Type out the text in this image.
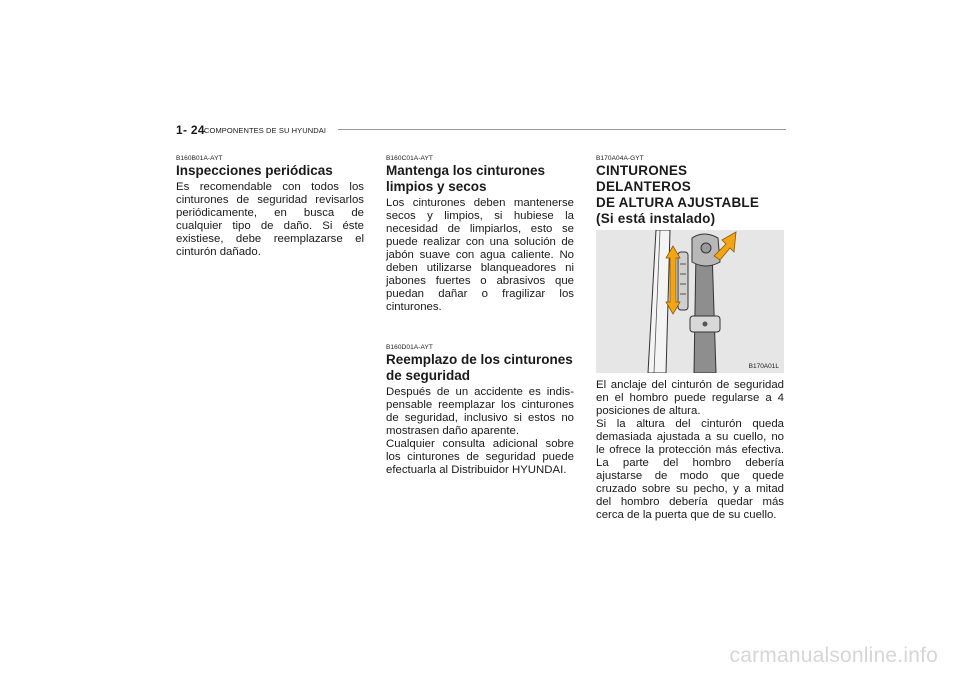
1- 24 COMPONENTES DE SU HYUNDAI

B160B01A-AYT

Inspecciones periódicas

Es recomendable con todos los cinturones de seguridad revisarlos periódicamente, en busca de cualquier tipo de daño. Si éste existiese, debe reemplazarse el cinturón dañado.

B160C01A-AYT

Mantenga los cinturones limpios y secos

Los cinturones deben mantenerse secos y limpios, si hubiese la necesidad de limpiarlos, esto se puede realizar con una solución de jabón suave con agua caliente. No deben utilizarse blanqueadores ni jabones fuertes o abrasivos que puedan dañar o fragilizar los cinturones.

B160D01A-AYT

Reemplazo de los cinturones de seguridad

Después de un accidente es indis- pensable reemplazar los cinturones de seguridad, inclusivo si estos no mostrasen daño aparente.

Cualquier consulta adicional sobre los cinturones de seguridad puede efectuarla al Distribuidor HYUNDAI.

B170A04A-GYT

CINTURONES DELANTEROS
DE ALTURA AJUSTABLE
(Si está instalado)

B170A01L

El anclaje del cinturón de seguridad en el hombro puede regularse a 4 posiciones de altura.

Si la altura del cinturón queda demasiada ajustada a su cuello, no le ofrece la protección más efectiva. La parte del hombro debería ajustarse de modo que quede cruzado sobre su pecho, y a mitad del hombro debería quedar más cerca de la puerta que de su cuello.

carmanualsonline.info
